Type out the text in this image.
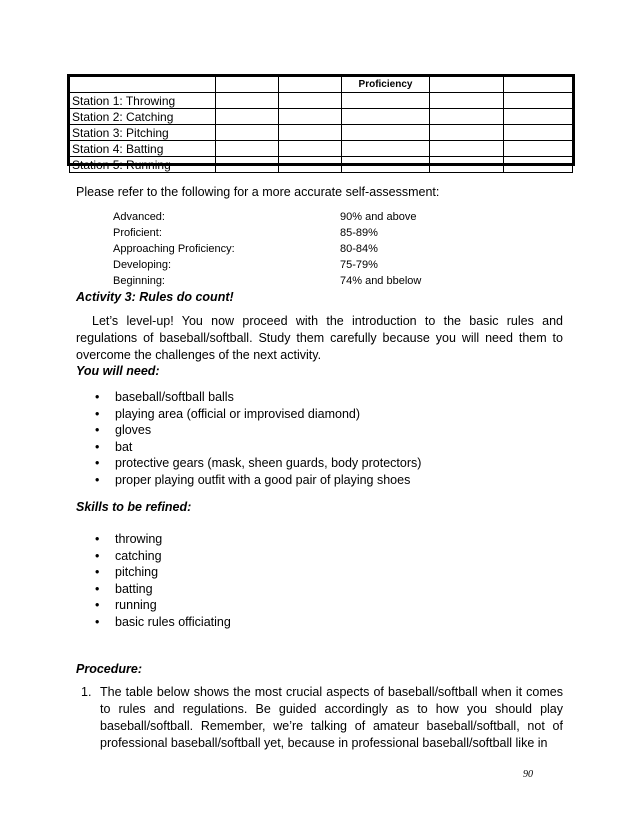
			Proficiency		
Station 1: Throwing					
Station 2: Catching					
Station 3: Pitching					
Station 4: Batting					
Station 5: Running					
Please refer to the following for a more accurate self-assessment:
Advanced:	90% and above
Proficient:	85-89%
Approaching Proficiency:	80-84%
Developing:	75-79%
Beginning:	74% and bbelow
Activity 3: Rules do count!
Let’s level-up! You now proceed with the introduction to the basic rules and regulations of baseball/softball. Study them carefully because you will need them to overcome the challenges of the next activity.
You will need:
• baseball/softball balls
• playing area (official or improvised diamond)
• gloves
• bat
• protective gears (mask, sheen guards, body protectors)
• proper playing outfit with a good pair of playing shoes
Skills to be refined:
• throwing
• catching
• pitching
• batting
• running
• basic rules officiating
Procedure:
1. The table below shows the most crucial aspects of baseball/softball when it comes to rules and regulations. Be guided accordingly as to how you should play baseball/softball. Remember, we’re talking of amateur baseball/softball, not of professional baseball/softball yet, because in professional baseball/softball like in
90
